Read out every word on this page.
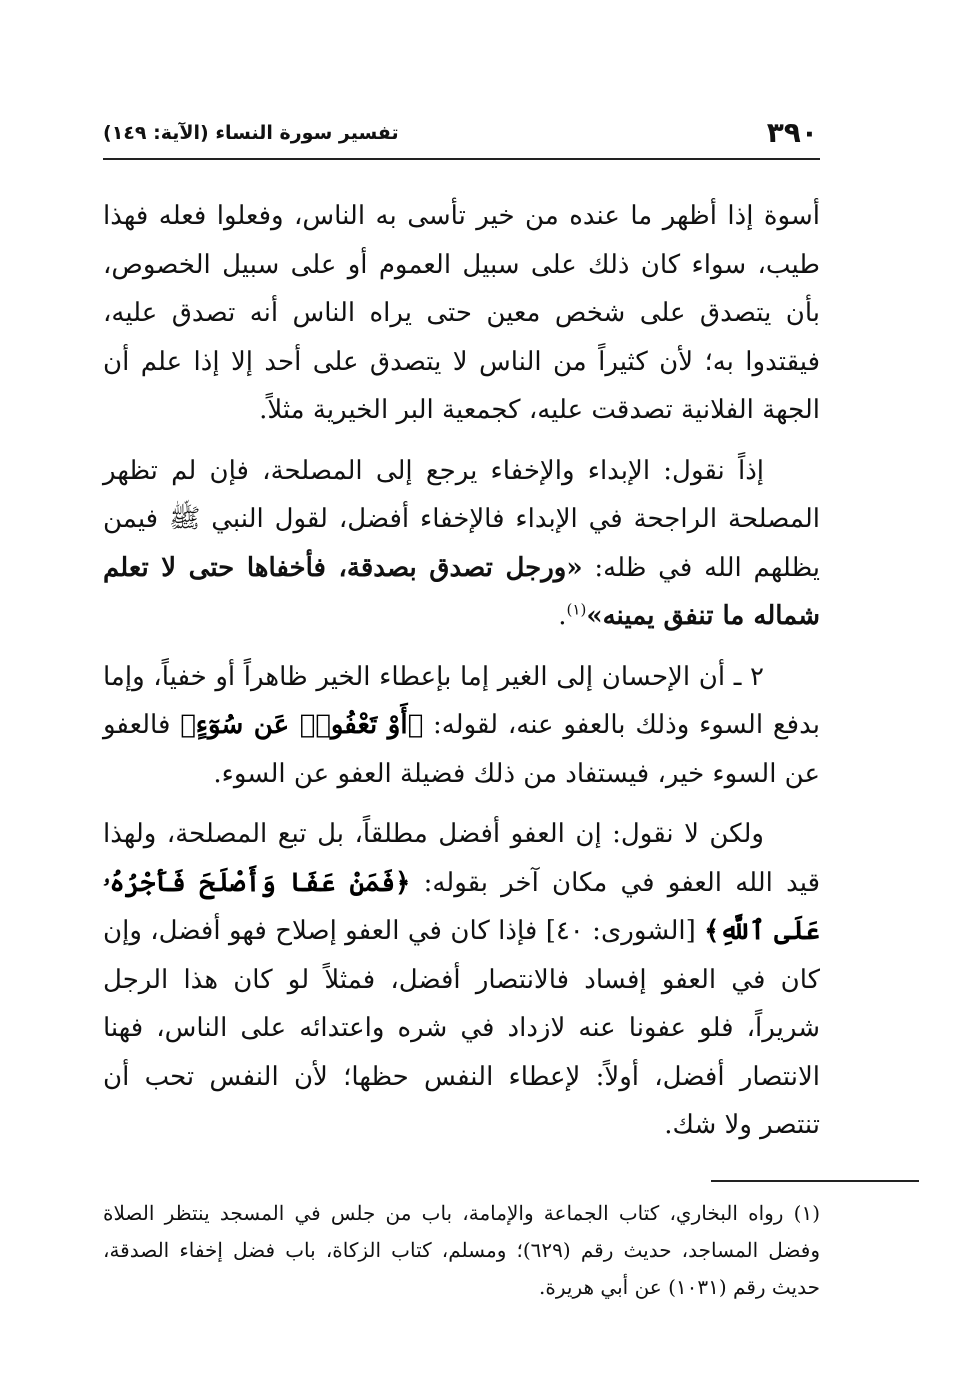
٣٩٠
تفسير سورة النساء (الآية: ١٤٩)

أسوة إذا أظهر ما عنده من خير تأسى به الناس، وفعلوا فعله فهذا طيب، سواء كان ذلك على سبيل العموم أو على سبيل الخصوص، بأن يتصدق على شخص معين حتى يراه الناس أنه تصدق عليه، فيقتدوا به؛ لأن كثيراً من الناس لا يتصدق على أحد إلا إذا علم أن الجهة الفلانية تصدقت عليه، كجمعية البر الخيرية مثلاً.

إذاً نقول: الإبداء والإخفاء يرجع إلى المصلحة، فإن لم تظهر المصلحة الراجحة في الإبداء فالإخفاء أفضل، لقول النبي ﷺ فيمن يظلهم الله في ظله: «ورجل تصدق بصدقة، فأخفاها حتى لا تعلم شماله ما تنفق يمينه»$^{(١)}$.

٢ ـ أن الإحسان إلى الغير إما بإعطاء الخير ظاهراً أو خفياً، وإما بدفع السوء وذلك بالعفو عنه، لقوله: ﴿أَوْ تَعْفُوا۟ عَن سُوٓءٍ﴾ فالعفو عن السوء خير، فيستفاد من ذلك فضيلة العفو عن السوء.

ولكن لا نقول: إن العفو أفضل مطلقاً، بل تبع المصلحة، ولهذا قيد الله العفو في مكان آخر بقوله: ﴿فَمَنْ عَفَا وَأَصْلَحَ فَأَجْرُهُۥ عَلَى ٱللَّهِ﴾ [الشورى: ٤٠] فإذا كان في العفو إصلاح فهو أفضل، وإن كان في العفو إفساد فالانتصار أفضل، فمثلاً لو كان هذا الرجل شريراً، فلو عفونا عنه لازداد في شره واعتدائه على الناس، فهنا الانتصار أفضل، أولاً: لإعطاء النفس حظها؛ لأن النفس تحب أن تنتصر ولا شك.

(١) رواه البخاري، كتاب الجماعة والإمامة، باب من جلس في المسجد ينتظر الصلاة وفضل المساجد، حديث رقم (٦٢٩)؛ ومسلم، كتاب الزكاة، باب فضل إخفاء الصدقة، حديث رقم (١٠٣١) عن أبي هريرة.
